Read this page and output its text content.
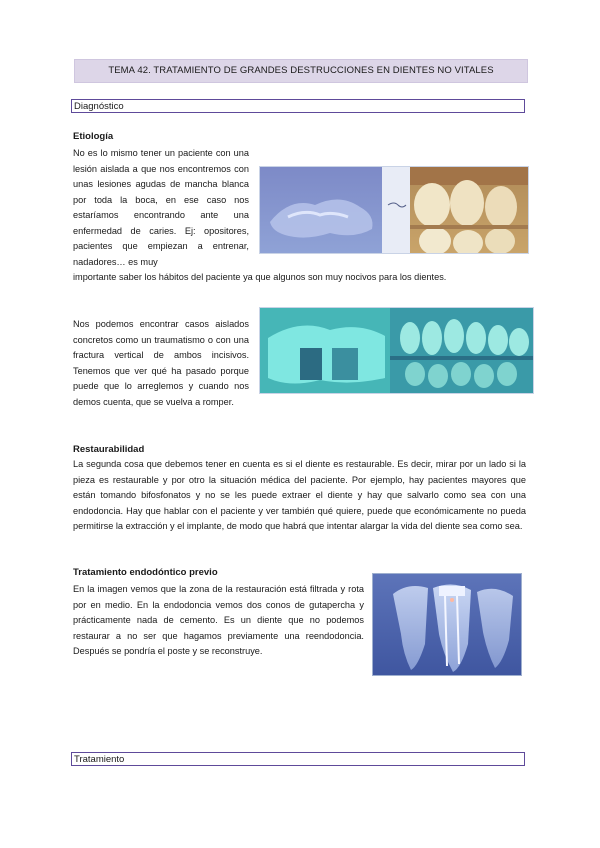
TEMA 42. TRATAMIENTO DE GRANDES DESTRUCCIONES EN DIENTES NO VITALES
Diagnóstico
Etiología

No es lo mismo tener un paciente con una lesión aislada a que nos encontremos con unas lesiones agudas de mancha blanca por toda la boca, en ese caso nos estaríamos encontrando ante una enfermedad de caries. Ej: opositores, pacientes que empiezan a entrenar, nadadores… es muy

importante saber los hábitos del paciente ya que algunos son muy nocivos para los dientes.
Nos podemos encontrar casos aislados concretos como un traumatismo o con una fractura vertical de ambos incisivos. Tenemos que ver qué ha pasado porque puede que lo arreglemos y cuando nos demos cuenta, que se vuelva a romper.
Restaurabilidad
La segunda cosa que debemos tener en cuenta es si el diente es restaurable. Es decir, mirar por un lado si la pieza es restaurable y por otro la situación médica del paciente. Por ejemplo, hay pacientes mayores que están tomando bifosfonatos y no se les puede extraer el diente y hay que salvarlo como sea con una endodoncia. Hay que hablar con el paciente y ver también qué quiere, puede que económicamente no pueda permitirse la extracción y el implante, de modo que habrá que intentar alargar la vida del diente sea como sea.
Tratamiento endodóntico previo
En la imagen vemos que la zona de la restauración está filtrada y rota por en medio. En la endodoncia vemos dos conos de gutapercha y prácticamente nada de cemento. Es un diente que no podemos restaurar a no ser que hagamos previamente una reendodoncia. Después se pondría el poste y se reconstruye.
Tratamiento
